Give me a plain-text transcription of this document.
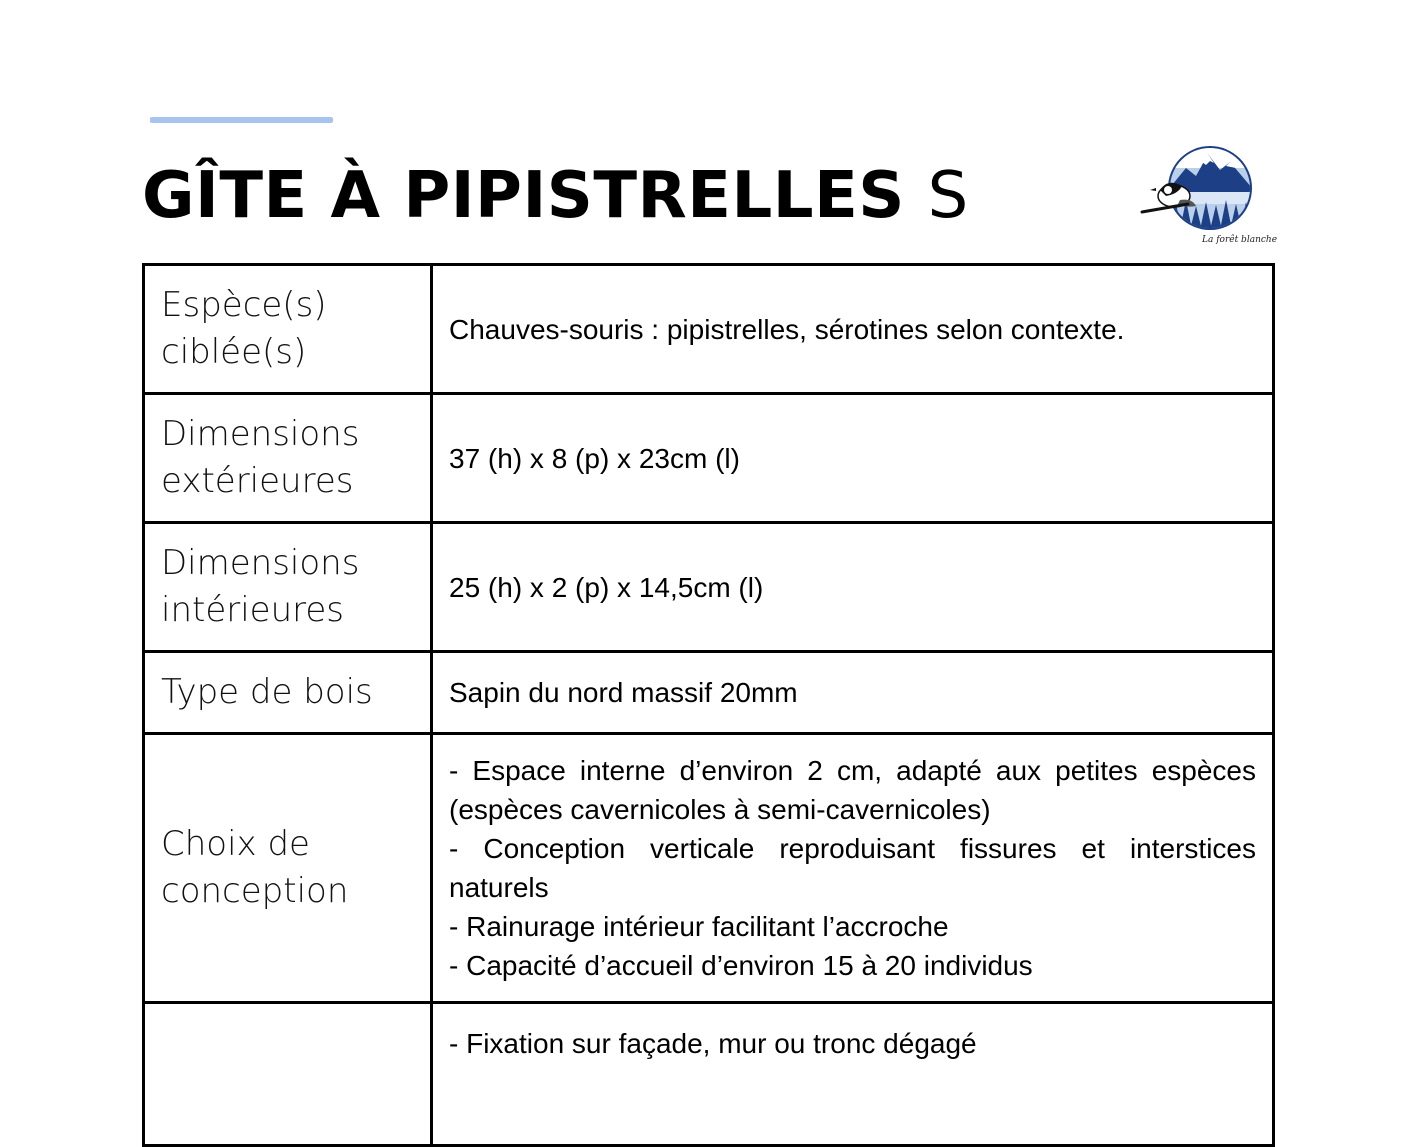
GÎTE À PIPISTRELLES S
La forêt blanche
Espèce(s) ciblée(s)	Chauves-souris : pipistrelles, sérotines selon contexte.

Dimensions extérieures	37 (h) x 8 (p) x 23cm (l)

Dimensions intérieures	25 (h) x 2 (p) x 14,5cm (l)

Type de bois	Sapin du nord massif 20mm

Choix de conception	- Espace interne d’environ 2 cm, adapté aux petites espèces (espèces cavernicoles à semi-cavernicoles)
- Conception verticale reproduisant fissures et interstices naturels
- Rainurage intérieur facilitant l’accroche
- Capacité d’accueil d’environ 15 à 20 individus

	- Fixation sur façade, mur ou tronc dégagé
